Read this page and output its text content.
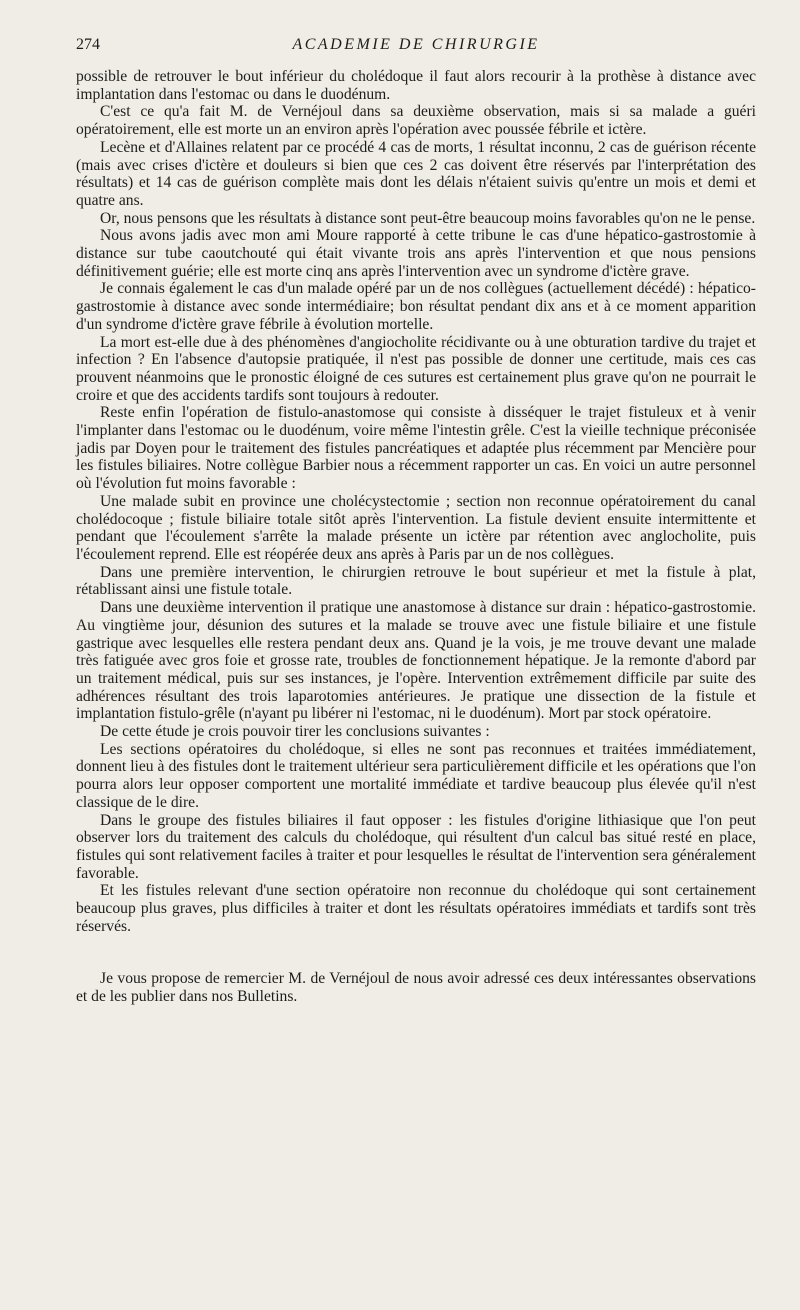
274	ACADEMIE DE CHIRURGIE

possible de retrouver le bout inférieur du cholédoque il faut alors recourir à la prothèse à distance avec implantation dans l'estomac ou dans le duodénum.

C'est ce qu'a fait M. de Vernéjoul dans sa deuxième observation, mais si sa malade a guéri opératoirement, elle est morte un an environ après l'opération avec poussée fébrile et ictère.

Lecène et d'Allaines relatent par ce procédé 4 cas de morts, 1 résultat inconnu, 2 cas de guérison récente (mais avec crises d'ictère et douleurs si bien que ces 2 cas doivent être réservés par l'interprétation des résultats) et 14 cas de guérison complète mais dont les délais n'étaient suivis qu'entre un mois et demi et quatre ans.

Or, nous pensons que les résultats à distance sont peut-être beaucoup moins favorables qu'on ne le pense.

Nous avons jadis avec mon ami Moure rapporté à cette tribune le cas d'une hépatico-gastrostomie à distance sur tube caoutchouté qui était vivante trois ans après l'intervention et que nous pensions définitivement guérie; elle est morte cinq ans après l'intervention avec un syndrome d'ictère grave.

Je connais également le cas d'un malade opéré par un de nos collègues (actuellement décédé) : hépatico-gastrostomie à distance avec sonde intermédiaire; bon résultat pendant dix ans et à ce moment apparition d'un syndrome d'ictère grave fébrile à évolution mortelle.

La mort est-elle due à des phénomènes d'angiocholite récidivante ou à une obturation tardive du trajet et infection ? En l'absence d'autopsie pratiquée, il n'est pas possible de donner une certitude, mais ces cas prouvent néanmoins que le pronostic éloigné de ces sutures est certainement plus grave qu'on ne pourrait le croire et que des accidents tardifs sont toujours à redouter.

Reste enfin l'opération de fistulo-anastomose qui consiste à disséquer le trajet fistuleux et à venir l'implanter dans l'estomac ou le duodénum, voire même l'intestin grêle. C'est la vieille technique préconisée jadis par Doyen pour le traitement des fistules pancréatiques et adaptée plus récemment par Mencière pour les fistules biliaires. Notre collègue Barbier nous a récemment rapporter un cas. En voici un autre personnel où l'évolution fut moins favorable :

Une malade subit en province une cholécystectomie ; section non reconnue opératoirement du canal cholédocoque ; fistule biliaire totale sitôt après l'intervention. La fistule devient ensuite intermittente et pendant que l'écoulement s'arrête la malade présente un ictère par rétention avec anglocholite, puis l'écoulement reprend. Elle est réopérée deux ans après à Paris par un de nos collègues.

Dans une première intervention, le chirurgien retrouve le bout supérieur et met la fistule à plat, rétablissant ainsi une fistule totale.

Dans une deuxième intervention il pratique une anastomose à distance sur drain : hépatico-gastrostomie. Au vingtième jour, désunion des sutures et la malade se trouve avec une fistule biliaire et une fistule gastrique avec lesquelles elle restera pendant deux ans. Quand je la vois, je me trouve devant une malade très fatiguée avec gros foie et grosse rate, troubles de fonctionnement hépatique. Je la remonte d'abord par un traitement médical, puis sur ses instances, je l'opère. Intervention extrêmement difficile par suite des adhérences résultant des trois laparotomies antérieures. Je pratique une dissection de la fistule et implantation fistulo-grêle (n'ayant pu libérer ni l'estomac, ni le duodénum). Mort par stock opératoire.

De cette étude je crois pouvoir tirer les conclusions suivantes :

Les sections opératoires du cholédoque, si elles ne sont pas reconnues et traitées immédiatement, donnent lieu à des fistules dont le traitement ultérieur sera particulièrement difficile et les opérations que l'on pourra alors leur opposer comportent une mortalité immédiate et tardive beaucoup plus élevée qu'il n'est classique de le dire.

Dans le groupe des fistules biliaires il faut opposer : les fistules d'origine lithiasique que l'on peut observer lors du traitement des calculs du cholédoque, qui résultent d'un calcul bas situé resté en place, fistules qui sont relativement faciles à traiter et pour lesquelles le résultat de l'intervention sera généralement favorable.

Et les fistules relevant d'une section opératoire non reconnue du cholédoque qui sont certainement beaucoup plus graves, plus difficiles à traiter et dont les résultats opératoires immédiats et tardifs sont très réservés.

Je vous propose de remercier M. de Vernéjoul de nous avoir adressé ces deux intéressantes observations et de les publier dans nos Bulletins.
